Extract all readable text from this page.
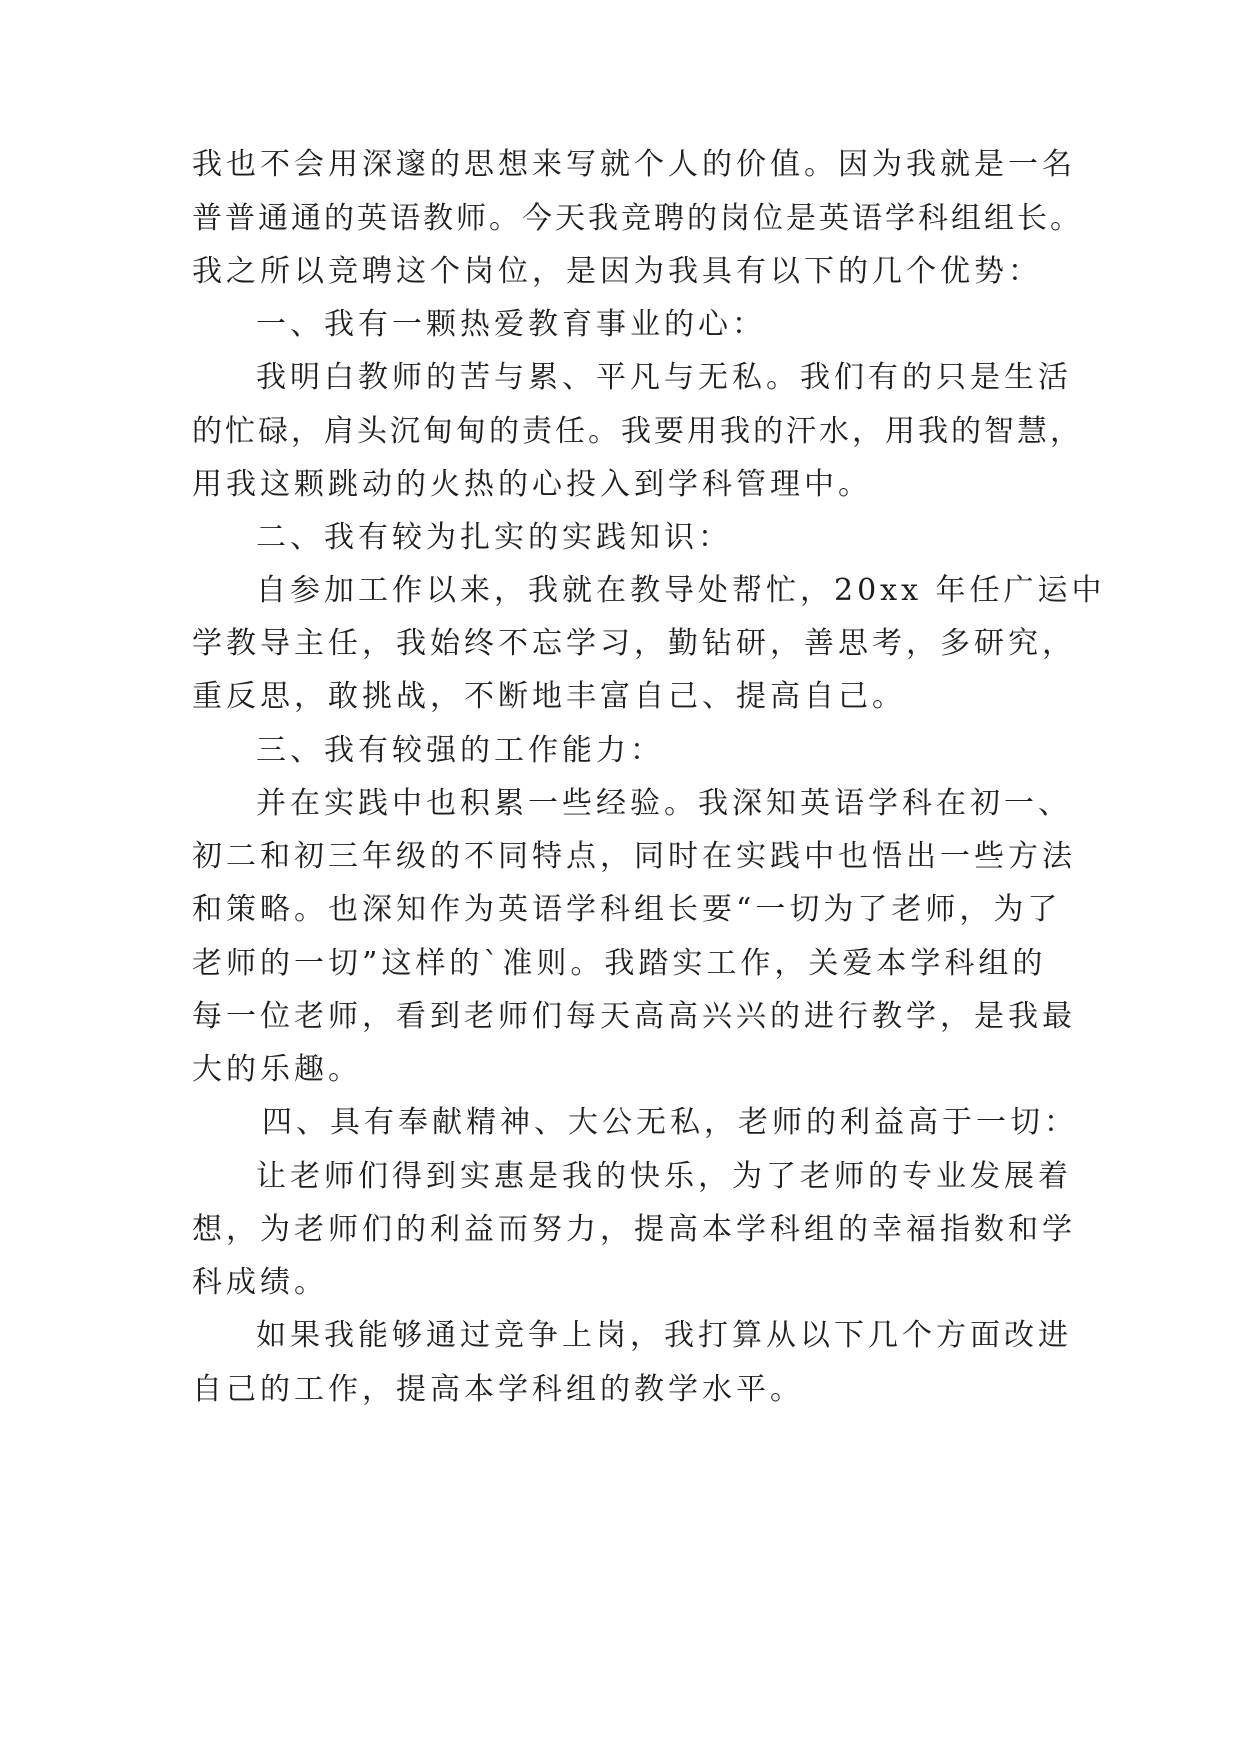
我也不会用深邃的思想来写就个人的价值。因为我就是一名
普普通通的英语教师。今天我竞聘的岗位是英语学科组组长。
我之所以竞聘这个岗位，是因为我具有以下的几个优势：
一、我有一颗热爱教育事业的心：
我明白教师的苦与累、平凡与无私。我们有的只是生活
的忙碌，肩头沉甸甸的责任。我要用我的汗水，用我的智慧，
用我这颗跳动的火热的心投入到学科管理中。
二、我有较为扎实的实践知识：
自参加工作以来，我就在教导处帮忙，20xx 年任广运中
学教导主任，我始终不忘学习，勤钻研，善思考，多研究，
重反思，敢挑战，不断地丰富自己、提高自己。
三、我有较强的工作能力：
并在实践中也积累一些经验。我深知英语学科在初一、
初二和初三年级的不同特点，同时在实践中也悟出一些方法
和策略。也深知作为英语学科组长要“一切为了老师，为了
老师的一切”这样的`准则。我踏实工作，关爱本学科组的
每一位老师，看到老师们每天高高兴兴的进行教学，是我最
大的乐趣。
四、具有奉献精神、大公无私，老师的利益高于一切：
让老师们得到实惠是我的快乐，为了老师的专业发展着
想，为老师们的利益而努力，提高本学科组的幸福指数和学
科成绩。
如果我能够通过竞争上岗，我打算从以下几个方面改进
自己的工作，提高本学科组的教学水平。
